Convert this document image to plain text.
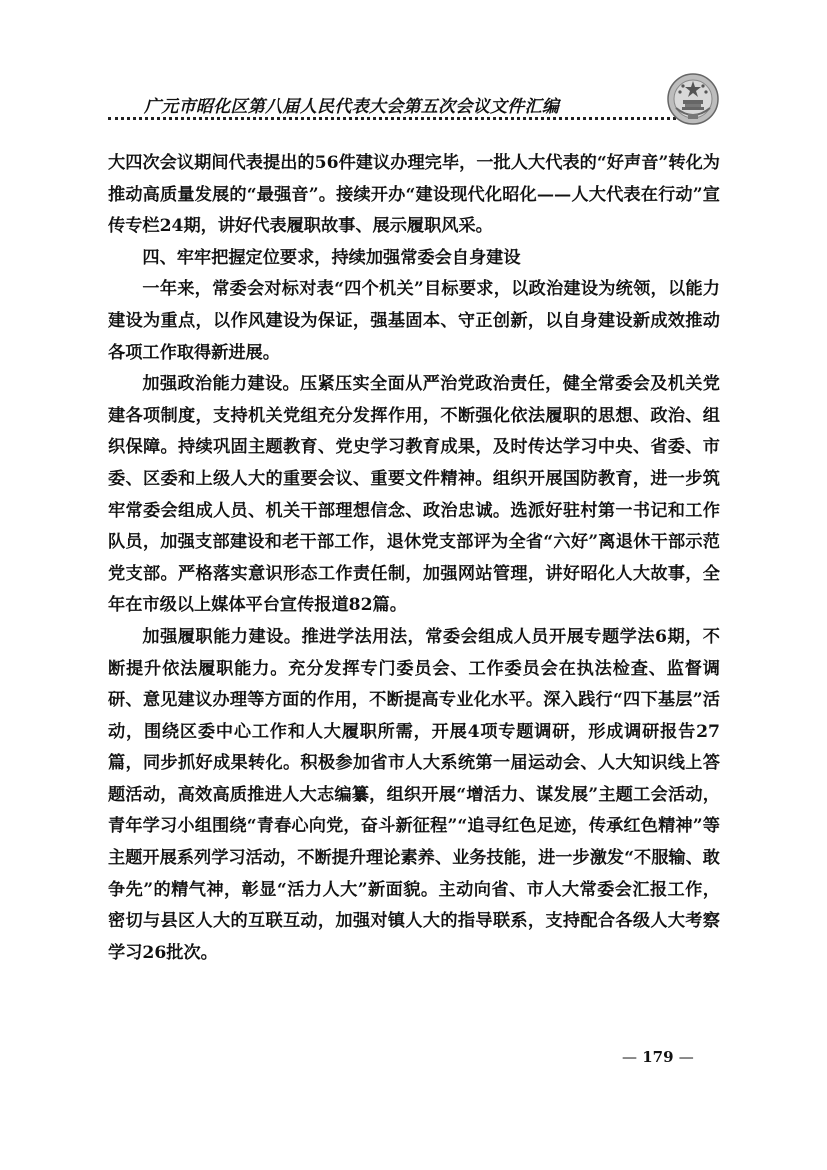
广元市昭化区第八届人民代表大会第五次会议文件汇编

大四次会议期间代表提出的56件建议办理完毕，一批人大代表的“好声音”转化为推动高质量发展的“最强音”。接续开办“建设现代化昭化——人大代表在行动”宣传专栏24期，讲好代表履职故事、展示履职风采。

四、牢牢把握定位要求，持续加强常委会自身建设

一年来，常委会对标对表“四个机关”目标要求，以政治建设为统领，以能力建设为重点，以作风建设为保证，强基固本、守正创新，以自身建设新成效推动各项工作取得新进展。

加强政治能力建设。压紧压实全面从严治党政治责任，健全常委会及机关党建各项制度，支持机关党组充分发挥作用，不断强化依法履职的思想、政治、组织保障。持续巩固主题教育、党史学习教育成果，及时传达学习中央、省委、市委、区委和上级人大的重要会议、重要文件精神。组织开展国防教育，进一步筑牢常委会组成人员、机关干部理想信念、政治忠诚。选派好驻村第一书记和工作队员，加强支部建设和老干部工作，退休党支部评为全省“六好”离退休干部示范党支部。严格落实意识形态工作责任制，加强网站管理，讲好昭化人大故事，全年在市级以上媒体平台宣传报道82篇。

加强履职能力建设。推进学法用法，常委会组成人员开展专题学法6期，不断提升依法履职能力。充分发挥专门委员会、工作委员会在执法检查、监督调研、意见建议办理等方面的作用，不断提高专业化水平。深入践行“四下基层”活动，围绕区委中心工作和人大履职所需，开展4项专题调研，形成调研报告27篇，同步抓好成果转化。积极参加省市人大系统第一届运动会、人大知识线上答题活动，高效高质推进人大志编纂，组织开展“增活力、谋发展”主题工会活动，青年学习小组围绕“青春心向党，奋斗新征程”“追寻红色足迹，传承红色精神”等主题开展系列学习活动，不断提升理论素养、业务技能，进一步激发“不服输、敢争先”的精气神，彰显“活力人大”新面貌。主动向省、市人大常委会汇报工作，密切与县区人大的互联互动，加强对镇人大的指导联系，支持配合各级人大考察学习26批次。

— 179 —
